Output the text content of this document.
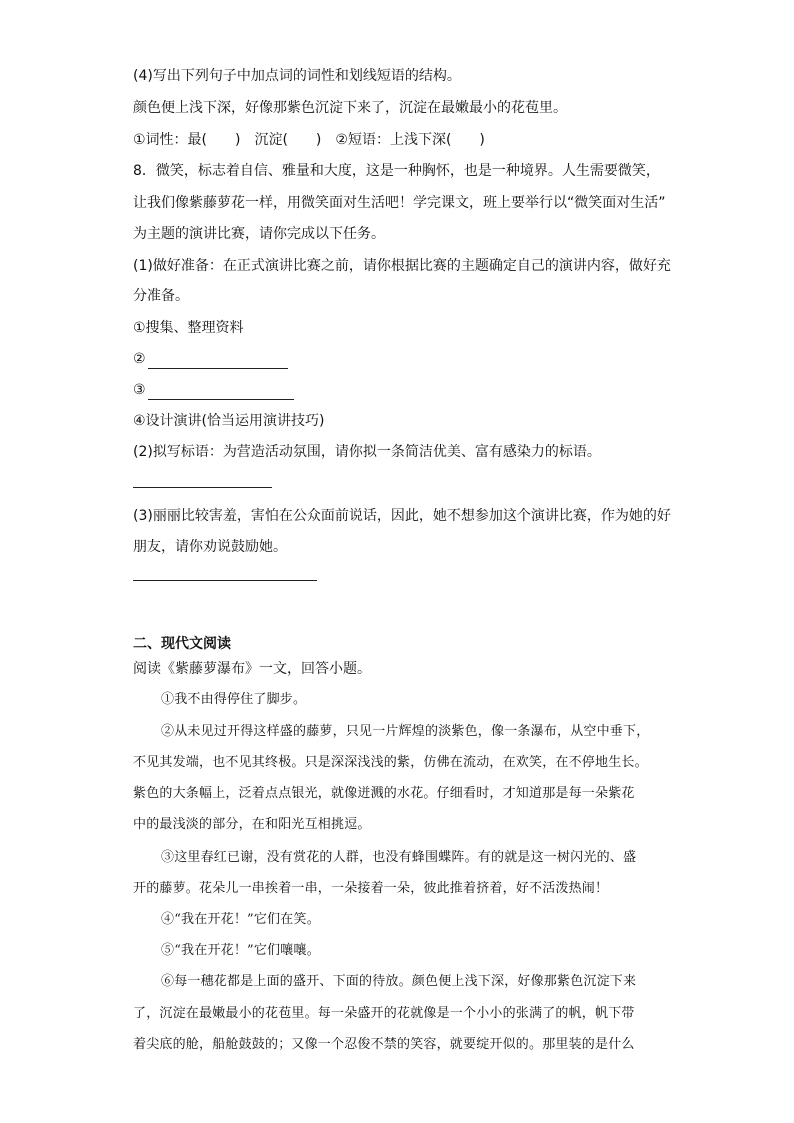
(4)写出下列句子中加点词的词性和划线短语的结构。
颜色便上浅下深，好像那紫色沉淀下来了，沉淀在最嫩最小的花苞里。
①词性：最(　　)　沉淀(　　)　②短语：上浅下深(　　)
8．微笑，标志着自信、雅量和大度，这是一种胸怀，也是一种境界。人生需要微笑，
让我们像紫藤萝花一样，用微笑面对生活吧！学完课文，班上要举行以“微笑面对生活”
为主题的演讲比赛，请你完成以下任务。
(1)做好准备：在正式演讲比赛之前，请你根据比赛的主题确定自己的演讲内容，做好充
分准备。
①搜集、整理资料
②
③
④设计演讲(恰当运用演讲技巧)
(2)拟写标语：为营造活动氛围，请你拟一条简洁优美、富有感染力的标语。
(3)丽丽比较害羞，害怕在公众面前说话，因此，她不想参加这个演讲比赛，作为她的好
朋友，请你劝说鼓励她。
二、现代文阅读
阅读《紫藤萝瀑布》一文，回答小题。
①我不由得停住了脚步。
②从未见过开得这样盛的藤萝，只见一片辉煌的淡紫色，像一条瀑布，从空中垂下，
不见其发端，也不见其终极。只是深深浅浅的紫，仿佛在流动，在欢笑，在不停地生长。
紫色的大条幅上，泛着点点银光，就像迸溅的水花。仔细看时，才知道那是每一朵紫花
中的最浅淡的部分，在和阳光互相挑逗。
③这里春红已谢，没有赏花的人群，也没有蜂围蝶阵。有的就是这一树闪光的、盛
开的藤萝。花朵儿一串挨着一串，一朵接着一朵，彼此推着挤着，好不活泼热闹！
④“我在开花！”它们在笑。
⑤“我在开花！”它们嚷嚷。
⑥每一穗花都是上面的盛开、下面的待放。颜色便上浅下深，好像那紫色沉淀下来
了，沉淀在最嫩最小的花苞里。每一朵盛开的花就像是一个小小的张满了的帆，帆下带
着尖底的舱，船舱鼓鼓的；又像一个忍俊不禁的笑容，就要绽开似的。那里装的是什么
